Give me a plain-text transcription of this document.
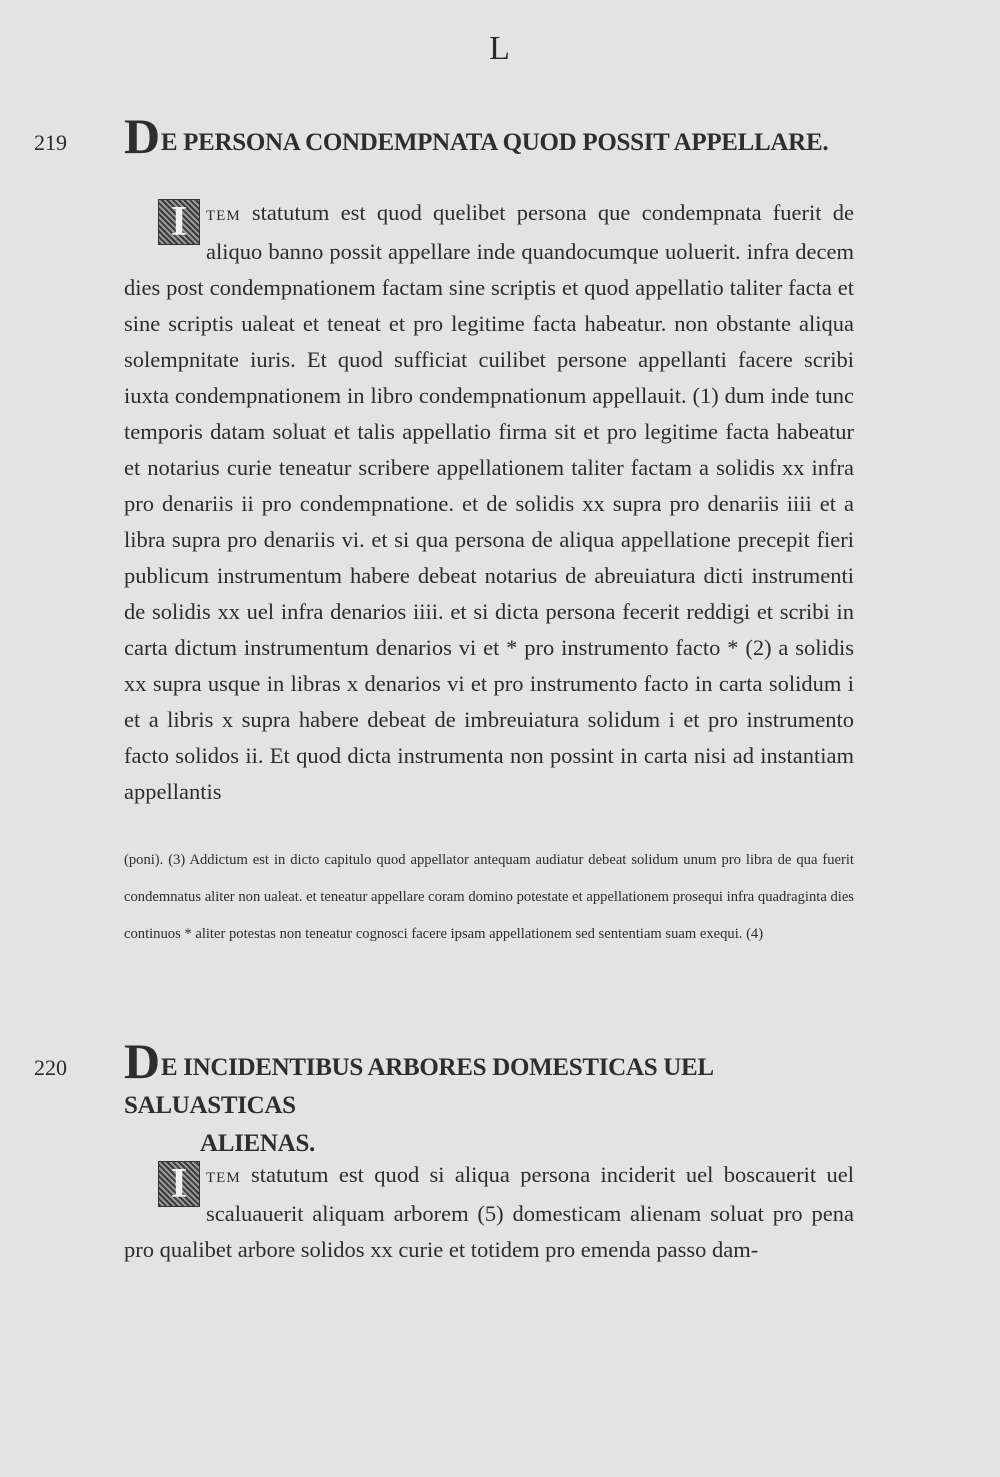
L
219 DE PERSONA CONDEMPNATA QUOD POSSIT APPELLARE.

I	TEM statutum est quod quelibet persona que condempnata fuerit de aliquo banno possit appellare inde quandocumque uoluerit. infra decem dies post condempnationem factam sine scriptis et quod appellatio taliter facta et sine scriptis ualeat et teneat et pro legitime facta habeatur. non obstante aliqua solempnitate iuris. Et quod sufficiat cuilibet persone appellanti facere scribi iuxta condempnationem in libro condempnationum appellauit. (1) dum inde tunc temporis datam soluat et talis appellatio firma sit et pro legitime facta habeatur et notarius curie teneatur scribere appellationem taliter factam a solidis xx infra pro denariis ii pro condempnatione. et de solidis xx supra pro denariis iiii et a libra supra pro denariis vi. et si qua persona de aliqua appellatione precepit fieri publicum instrumentum habere debeat notarius de abreuiatura dicti instrumenti de solidis xx uel infra denarios iiii. et si dicta persona fecerit reddigi et scribi in carta dictum instrumentum denarios vi et * pro instrumento facto * (2) a solidis xx supra usque in libras x denarios vi et pro instrumento facto in carta solidum i et a libris x supra habere debeat de imbreuiatura solidum i et pro instrumento facto solidos ii. Et quod dicta instrumenta non possint in carta nisi ad instantiam appellantis

(poni). (3) Addictum est in dicto capitulo quod appellator antequam audiatur debeat solidum unum pro libra de qua fuerit condemnatus aliter non ualeat. et teneatur appellare coram domino potestate et appellationem prosequi infra quadraginta dies continuos * aliter potestas non teneatur cognosci facere ipsam appellationem sed sententiam suam exequi. (4)

220 DE INCIDENTIBUS ARBORES DOMESTICAS UEL SALUASTICAS
ALIENAS.

I	TEM statutum est quod si aliqua persona inciderit uel boscauerit uel scaluauerit aliquam arborem (5) domesticam alienam soluat pro pena pro qualibet arbore solidos xx curie et totidem pro emenda passo dam-
